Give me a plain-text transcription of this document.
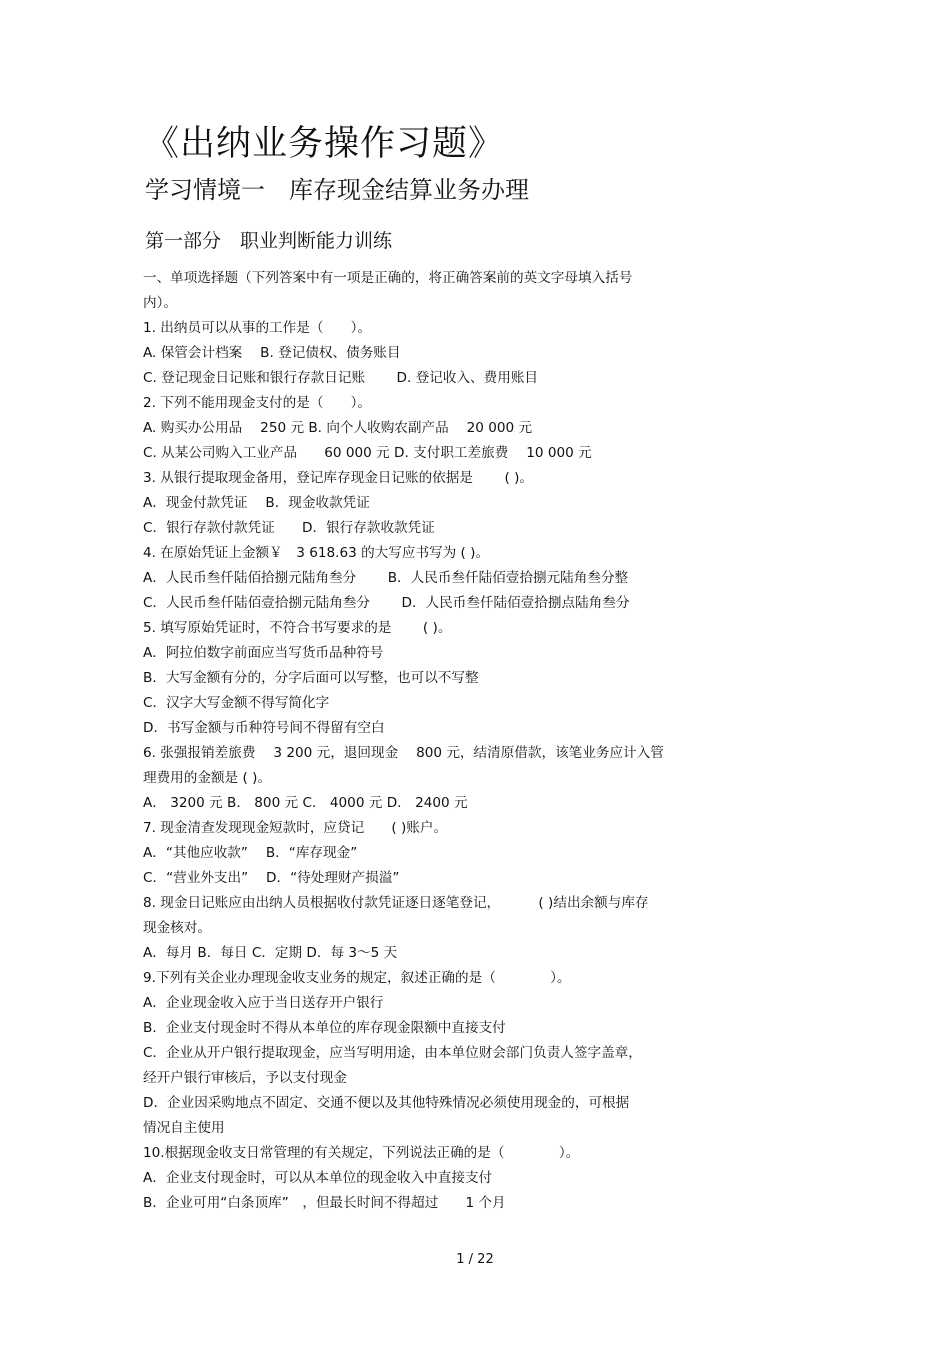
《出纳业务操作习题》
学习情境一　库存现金结算业务办理
第一部分　职业判断能力训练
一、单项选择题（下列答案中有一项是正确的，将正确答案前的英文字母填入括号
内）。
1. 出纳员可以从事的工作是（　　）。
A. 保管会计档案　 B. 登记债权、债务账目
C. 登记现金日记账和银行存款日记账　　 D. 登记收入、费用账目
2. 下列不能用现金支付的是（　　）。
A. 购买办公用品　 250 元 B. 向个人收购农副产品　 20 000 元
C. 从某公司购入工业产品　　60 000 元 D. 支付职工差旅费　 10 000 元
3. 从银行提取现金备用，登记库存现金日记账的依据是　　 ( )。
A．现金付款凭证　 B．现金收款凭证
C．银行存款付款凭证　　D．银行存款收款凭证
4. 在原始凭证上金额￥　3 618.63 的大写应书写为 ( )。
A．人民币叁仟陆佰拾捌元陆角叁分　　 B．人民币叁仟陆佰壹拾捌元陆角叁分整
C．人民币叁仟陆佰壹拾捌元陆角叁分　　 D．人民币叁仟陆佰壹拾捌点陆角叁分
5. 填写原始凭证时，不符合书写要求的是　　 ( )。
A．阿拉伯数字前面应当写货币品种符号
B．大写金额有分的，分字后面可以写整，也可以不写整
C．汉字大写金额不得写简化字
D．书写金额与币种符号间不得留有空白
6. 张强报销差旅费　 3 200 元，退回现金　 800 元，结清原借款，该笔业务应计入管
理费用的金额是 ( )。
A． 3200 元 B． 800 元 C． 4000 元 D． 2400 元
7. 现金清查发现现金短款时，应贷记　　( )账户。
A．“其他应收款”　 B．“库存现金”
C．“营业外支出”　 D．“待处理财产损溢”
8. 现金日记账应由出纳人员根据收付款凭证逐日逐笔登记，　　　 ( )结出余额与库存
现金核对。
A．每月 B．每日 C．定期 D．每 3～5 天
9.下列有关企业办理现金收支业务的规定，叙述正确的是（　　　　）。
A．企业现金收入应于当日送存开户银行
B．企业支付现金时不得从本单位的库存现金限额中直接支付
C．企业从开户银行提取现金，应当写明用途，由本单位财会部门负责人签字盖章，
经开户银行审核后，予以支付现金
D．企业因采购地点不固定、交通不便以及其他特殊情况必须使用现金的，可根据
情况自主使用
10.根据现金收支日常管理的有关规定，下列说法正确的是（　　　　）。
A．企业支付现金时，可以从本单位的现金收入中直接支付
B．企业可用“白条顶库”　，但最长时间不得超过　　1 个月
1 / 22
